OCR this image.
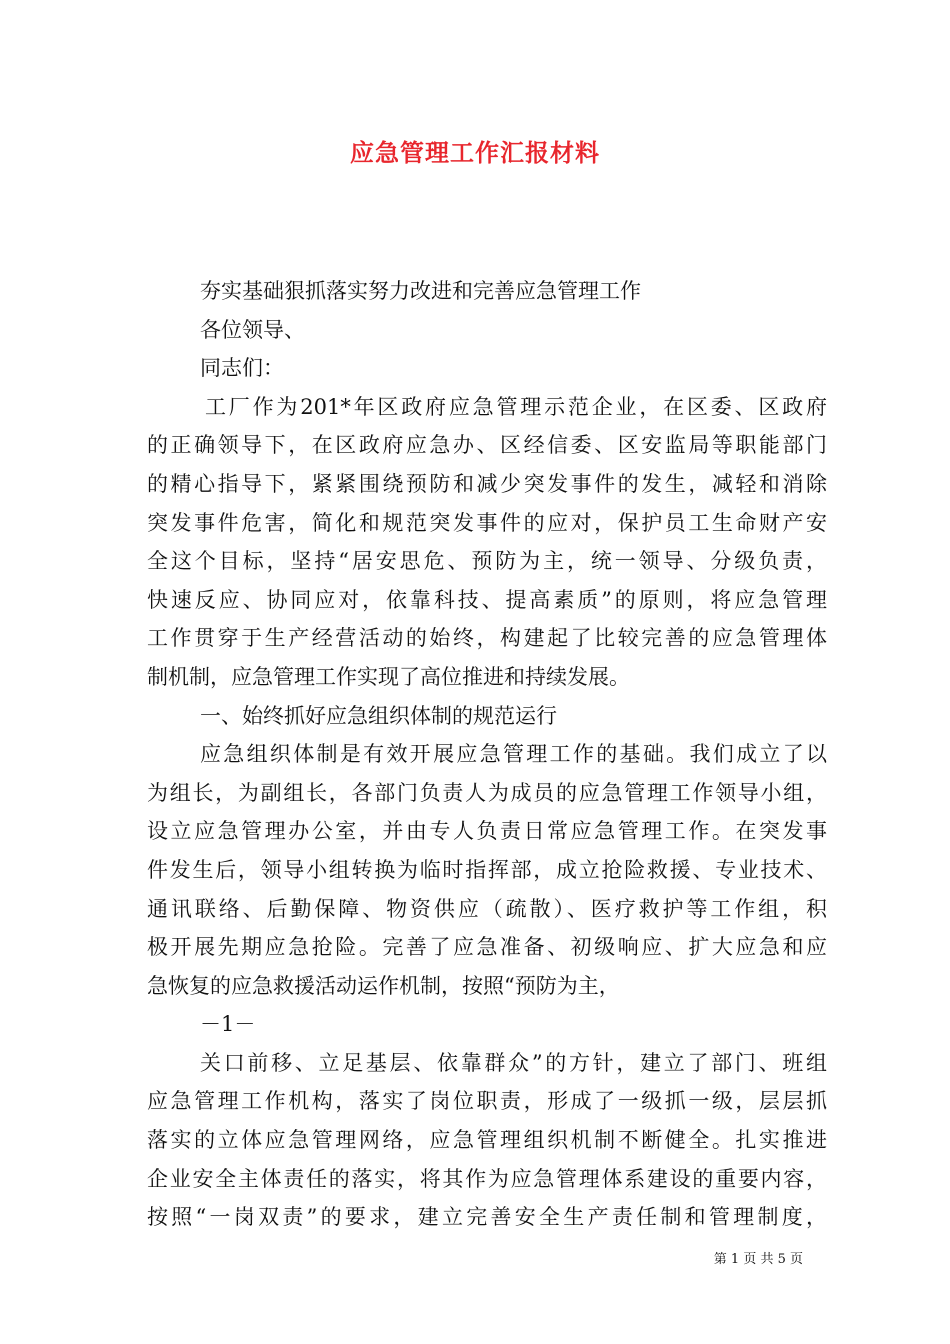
应急管理工作汇报材料
夯实基础狠抓落实努力改进和完善应急管理工作
各位领导、
同志们：
工厂作为201*年区政府应急管理示范企业，在区委、区政府
的正确领导下，在区政府应急办、区经信委、区安监局等职能部门
的精心指导下，紧紧围绕预防和减少突发事件的发生，减轻和消除
突发事件危害，简化和规范突发事件的应对，保护员工生命财产安
全这个目标，坚持“居安思危、预防为主，统一领导、分级负责，
快速反应、协同应对，依靠科技、提高素质”的原则，将应急管理
工作贯穿于生产经营活动的始终，构建起了比较完善的应急管理体
制机制，应急管理工作实现了高位推进和持续发展。
一、始终抓好应急组织体制的规范运行
应急组织体制是有效开展应急管理工作的基础。我们成立了以
为组长，为副组长，各部门负责人为成员的应急管理工作领导小组，
设立应急管理办公室，并由专人负责日常应急管理工作。在突发事
件发生后，领导小组转换为临时指挥部，成立抢险救援、专业技术、
通讯联络、后勤保障、物资供应（疏散）、医疗救护等工作组，积
极开展先期应急抢险。完善了应急准备、初级响应、扩大应急和应
急恢复的应急救援活动运作机制，按照“预防为主，
－1－
关口前移、立足基层、依靠群众”的方针，建立了部门、班组
应急管理工作机构，落实了岗位职责，形成了一级抓一级，层层抓
落实的立体应急管理网络，应急管理组织机制不断健全。扎实推进
企业安全主体责任的落实，将其作为应急管理体系建设的重要内容，
按照“一岗双责”的要求，建立完善安全生产责任制和管理制度，
第 1 页 共 5 页
